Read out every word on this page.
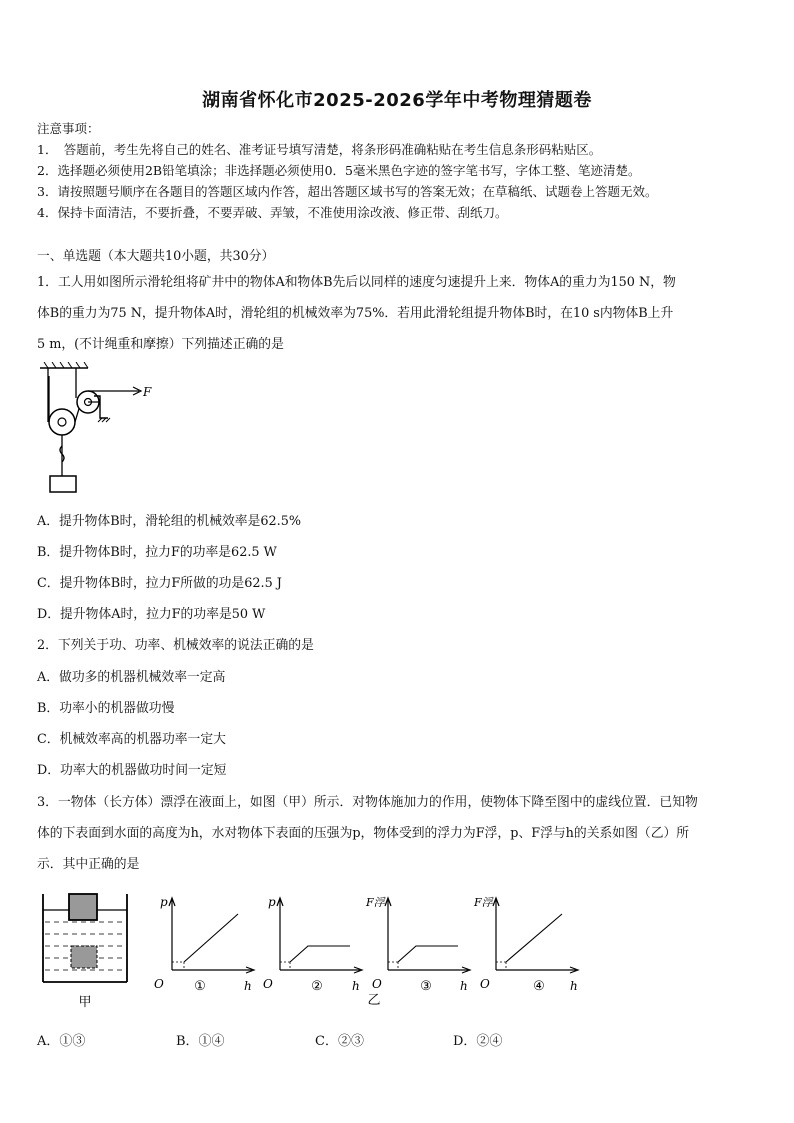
湖南省怀化市2025-2026学年中考物理猜题卷
注意事项：
1．　答题前，考生先将自己的姓名、准考证号填写清楚，将条形码准确粘贴在考生信息条形码粘贴区。
2．选择题必须使用2B铅笔填涂；非选择题必须使用0．5毫米黑色字迹的签字笔书写，字体工整、笔迹清楚。
3．请按照题号顺序在各题目的答题区域内作答，超出答题区域书写的答案无效；在草稿纸、试题卷上答题无效。
4．保持卡面清洁，不要折叠，不要弄破、弄皱，不准使用涂改液、修正带、刮纸刀。
一、单选题（本大题共10小题，共30分）
1．工人用如图所示滑轮组将矿井中的物体A和物体B先后以同样的速度匀速提升上来．物体A的重力为150 N，物
体B的重力为75 N，提升物体A时，滑轮组的机械效率为75%．若用此滑轮组提升物体B时，在10 s内物体B上升
5 m，(不计绳重和摩擦）下列描述正确的是
F
A．提升物体B时，滑轮组的机械效率是62.5%
B．提升物体B时，拉力F的功率是62.5 W
C．提升物体B时，拉力F所做的功是62.5 J
D．提升物体A时，拉力F的功率是50 W
2．下列关于功、功率、机械效率的说法正确的是
A．做功多的机器机械效率一定高
B．功率小的机器做功慢
C．机械效率高的机器功率一定大
D．功率大的机器做功时间一定短
3．一物体（长方体）漂浮在液面上，如图（甲）所示．对物体施加力的作用，使物体下降至图中的虚线位置．已知物
体的下表面到水面的高度为h，水对物体下表面的压强为p，物体受到的浮力为F浮，p、F浮与h的关系如图（乙）所
示．其中正确的是
甲
p
O	h
①
p
O	h
②
F浮
O	h
③
F浮
O	h
④
乙
A．①③	B．①④	C．②③	D．②④
